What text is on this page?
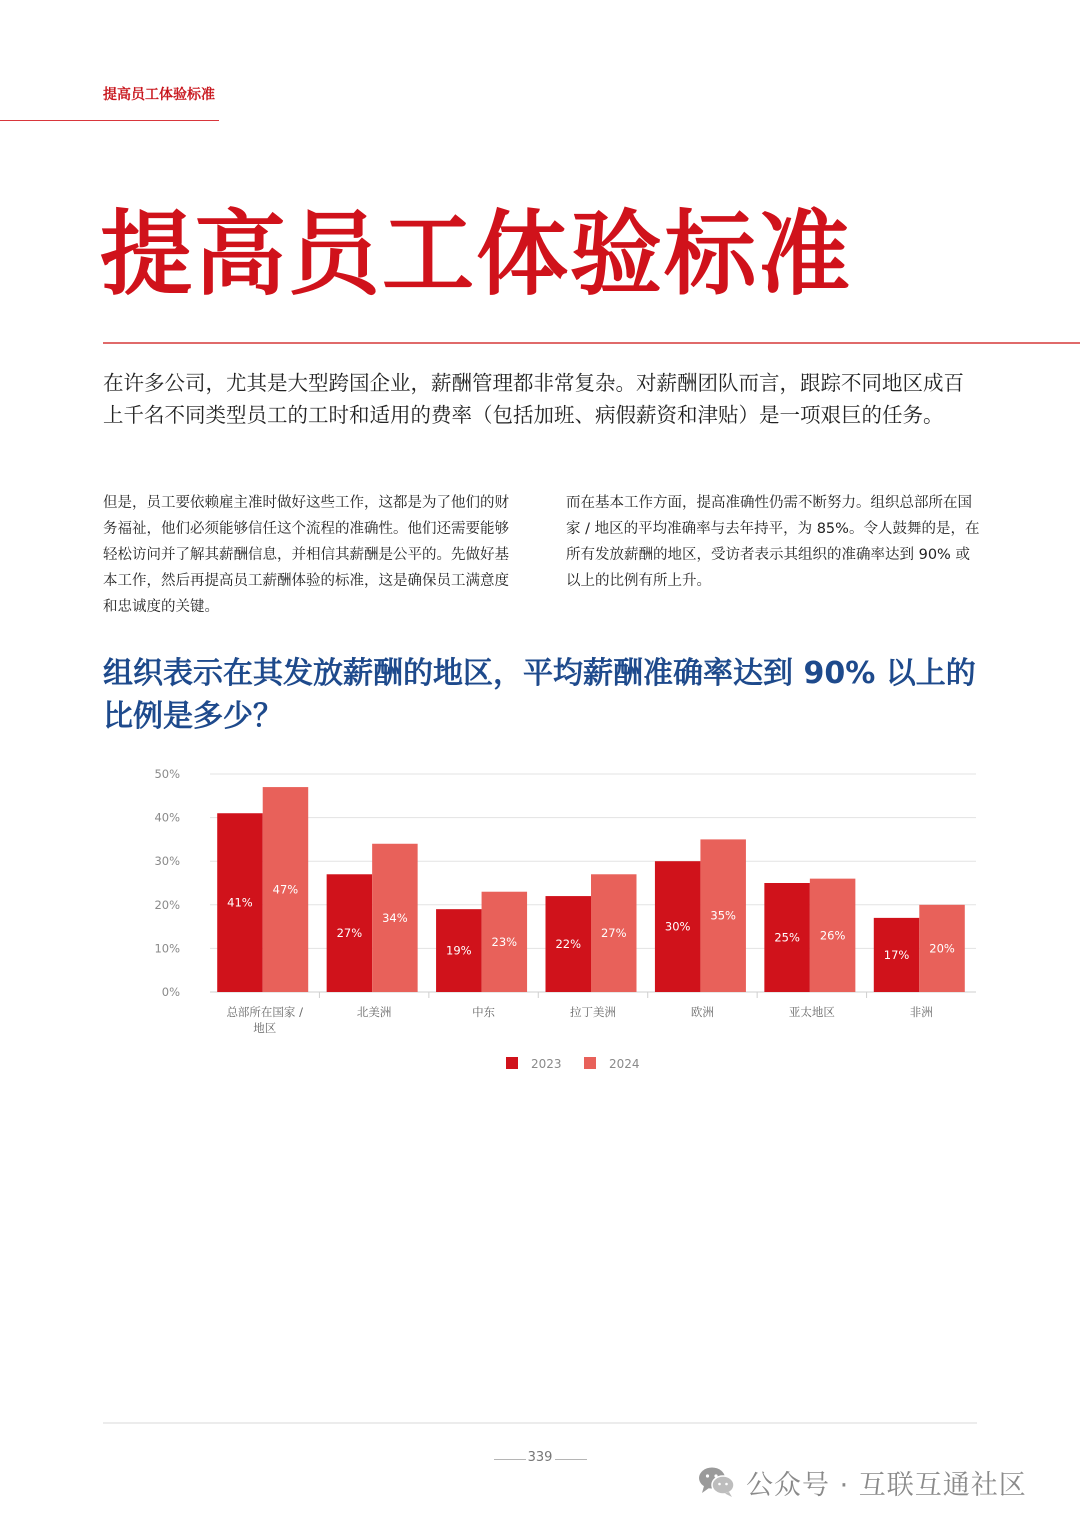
提高员工体验标准
提高员工体验标准

在许多公司，尤其是大型跨国企业，薪酬管理都非常复杂。对薪酬团队而言，跟踪不同地区成百上千名不同类型员工的工时和适用的费率（包括加班、病假薪资和津贴）是一项艰巨的任务。

但是，员工要依赖雇主准时做好这些工作，这都是为了他们的财务福祉，他们必须能够信任这个流程的准确性。他们还需要能够轻松访问并了解其薪酬信息，并相信其薪酬是公平的。先做好基本工作，然后再提高员工薪酬体验的标准，这是确保员工满意度和忠诚度的关键。

而在基本工作方面，提高准确性仍需不断努力。组织总部所在国家 / 地区的平均准确率与去年持平，为 85%。令人鼓舞的是，在所有发放薪酬的地区，受访者表示其组织的准确率达到 90% 或以上的比例有所上升。

组织表示在其发放薪酬的地区，平均薪酬准确率达到 90% 以上的比例是多少？
0%
10%
20%
30%
40%
50%
41%
47%
总部所在国家 /
地区
27%
34%
北美洲
19%
23%
中东
22%
27%
拉丁美洲
30%
35%
欧洲
25% 26%
亚太地区
17% 20%
非洲
2023	2024
339
公众号 · 互联互通社区
